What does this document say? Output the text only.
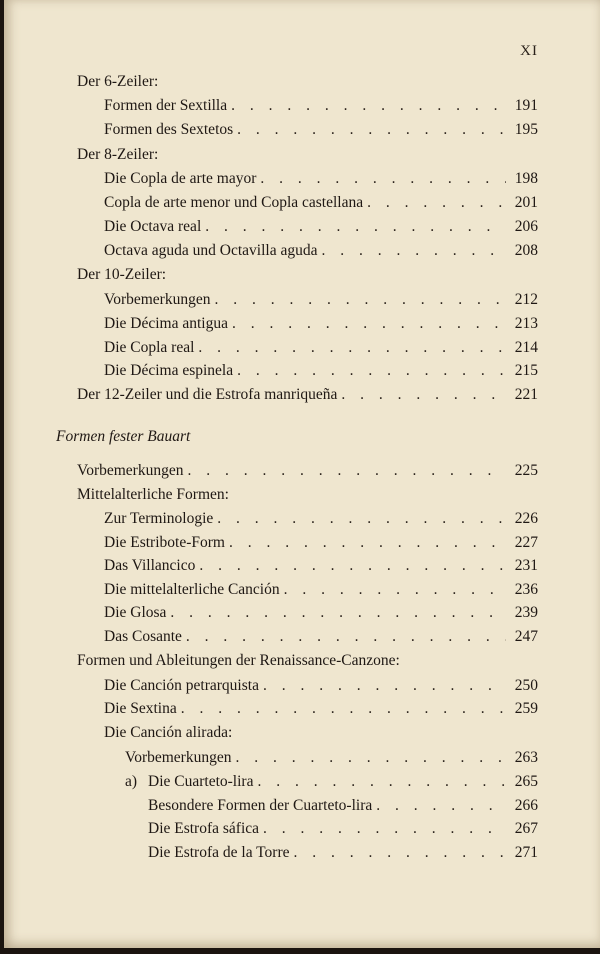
XI
Der 6-Zeiler:
Formen der Sextilla . . .	191
Formen des Sextetos . . .	195
Der 8-Zeiler:
Die Copla de arte mayor . . .	198
Copla de arte menor und Copla castellana . . .	201
Die Octava real . . .	206
Octava aguda und Octavilla aguda . . .	208
Der 10-Zeiler:
Vorbemerkungen . . .	212
Die Décima antigua . . .	213
Die Copla real . . .	214
Die Décima espinela . . .	215
Der 12-Zeiler und die Estrofa manriqueña . . .	221
Formen fester Bauart
Vorbemerkungen . . .	225
Mittelalterliche Formen:
Zur Terminologie . . .	226
Die Estribote-Form . . .	227
Das Villancico . . .	231
Die mittelalterliche Canción . . .	236
Die Glosa . . .	239
Das Cosante . . .	247
Formen und Ableitungen der Renaissance-Canzone:
Die Canción petrarquista . . .	250
Die Sextina . . .	259
Die Canción alirada:
Vorbemerkungen . . .	263
a) Die Cuarteto-lira . . .	265
Besondere Formen der Cuarteto-lira . . .	266
Die Estrofa sáfica . . .	267
Die Estrofa de la Torre . . .	271
